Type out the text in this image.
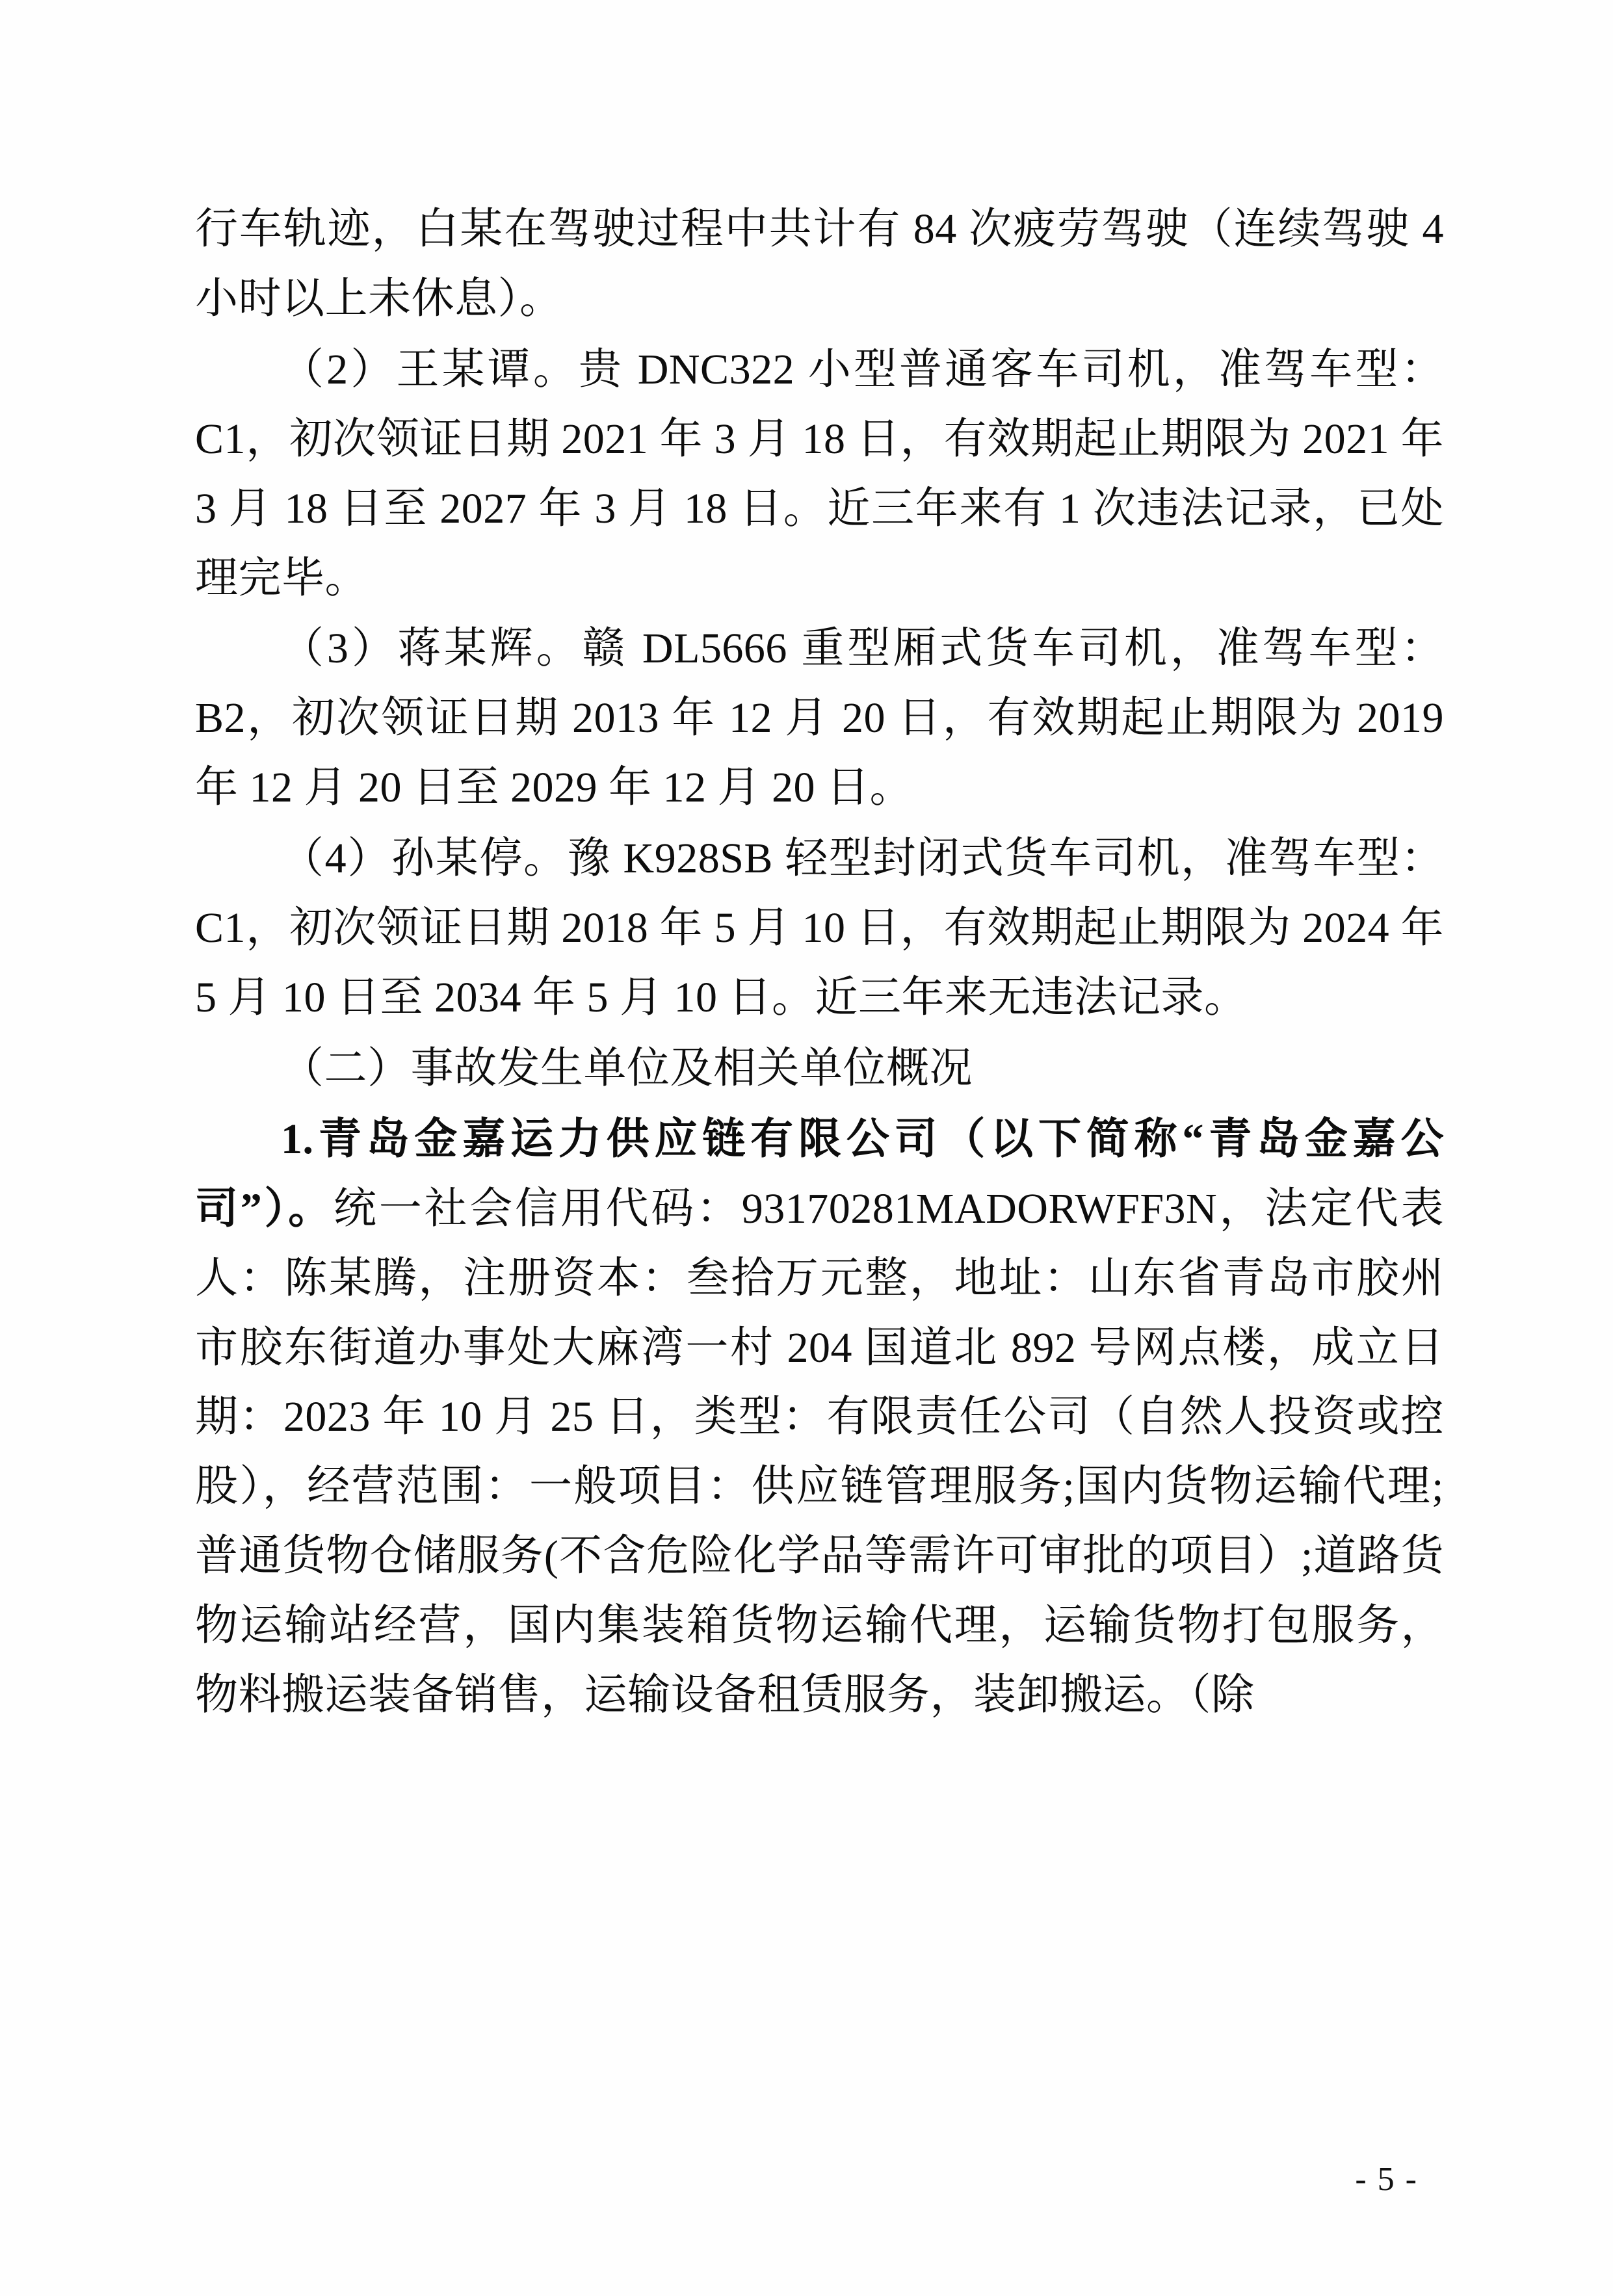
行车轨迹，白某在驾驶过程中共计有 84 次疲劳驾驶（连续驾驶 4 小时以上未休息）。

（2）王某谭。贵 DNC322 小型普通客车司机，准驾车型：C1，初次领证日期 2021 年 3 月 18 日，有效期起止期限为 2021 年 3 月 18 日至 2027 年 3 月 18 日。近三年来有 1 次违法记录，已处理完毕。

（3）蒋某辉。赣 DL5666 重型厢式货车司机，准驾车型：B2，初次领证日期 2013 年 12 月 20 日，有效期起止期限为 2019 年 12 月 20 日至 2029 年 12 月 20 日。

（4）孙某停。豫 K928SB 轻型封闭式货车司机，准驾车型：C1，初次领证日期 2018 年 5 月 10 日，有效期起止期限为 2024 年 5 月 10 日至 2034 年 5 月 10 日。近三年来无违法记录。

（二）事故发生单位及相关单位概况

1.青岛金嘉运力供应链有限公司（以下简称“青岛金嘉公司”）。统一社会信用代码：93170281MADORWFF3N，法定代表人：陈某腾，注册资本：叁拾万元整，地址：山东省青岛市胶州市胶东街道办事处大麻湾一村 204 国道北 892 号网点楼，成立日期：2023 年 10 月 25 日，类型：有限责任公司（自然人投资或控股），经营范围：一般项目：供应链管理服务;国内货物运输代理;普通货物仓储服务(不含危险化学品等需许可审批的项目）;道路货物运输站经营，国内集装箱货物运输代理，运输货物打包服务，物料搬运装备销售，运输设备租赁服务，装卸搬运。（除

- 5 -
